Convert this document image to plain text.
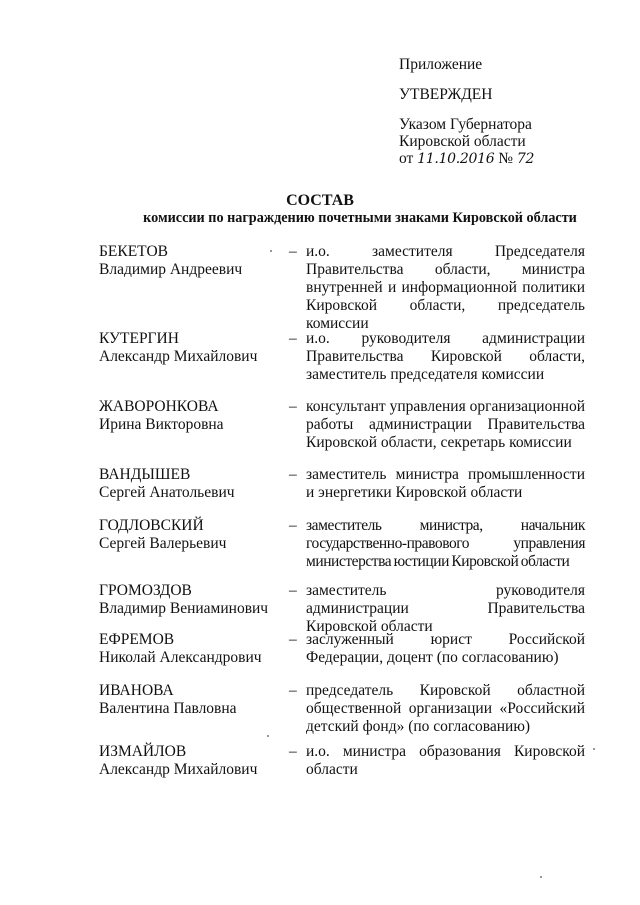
Приложение
УТВЕРЖДЕН
Указом Губернатора
Кировской области
от 11.10.2016 № 72
СОСТАВ
комиссии по награждению почетными знаками Кировской области
БЕКЕТОВ
Владимир Андреевич
– и.о. заместителя Председателя Правительства области, министра внутренней и информационной политики Кировской области, председатель комиссии
КУТЕРГИН
Александр Михайлович
– и.о. руководителя администрации Правительства Кировской области, заместитель председателя комиссии
ЖАВОРОНКОВА
Ирина Викторовна
– консультант управления организационной работы администрации Правительства Кировской области, секретарь комиссии
ВАНДЫШЕВ
Сергей Анатольевич
– заместитель министра промышленности и энергетики Кировской области
ГОДЛОВСКИЙ
Сергей Валерьевич
– заместитель министра, начальник государственно-правового управления министерства юстиции Кировской области
ГРОМОЗДОВ
Владимир Вениаминович
– заместитель руководителя администрации Правительства Кировской области
ЕФРЕМОВ
Николай Александрович
– заслуженный юрист Российской Федерации, доцент (по согласованию)
ИВАНОВА
Валентина Павловна
– председатель Кировской областной общественной организации «Российский детский фонд» (по согласованию)
ИЗМАЙЛОВ
Александр Михайлович
– и.о. министра образования Кировской области
